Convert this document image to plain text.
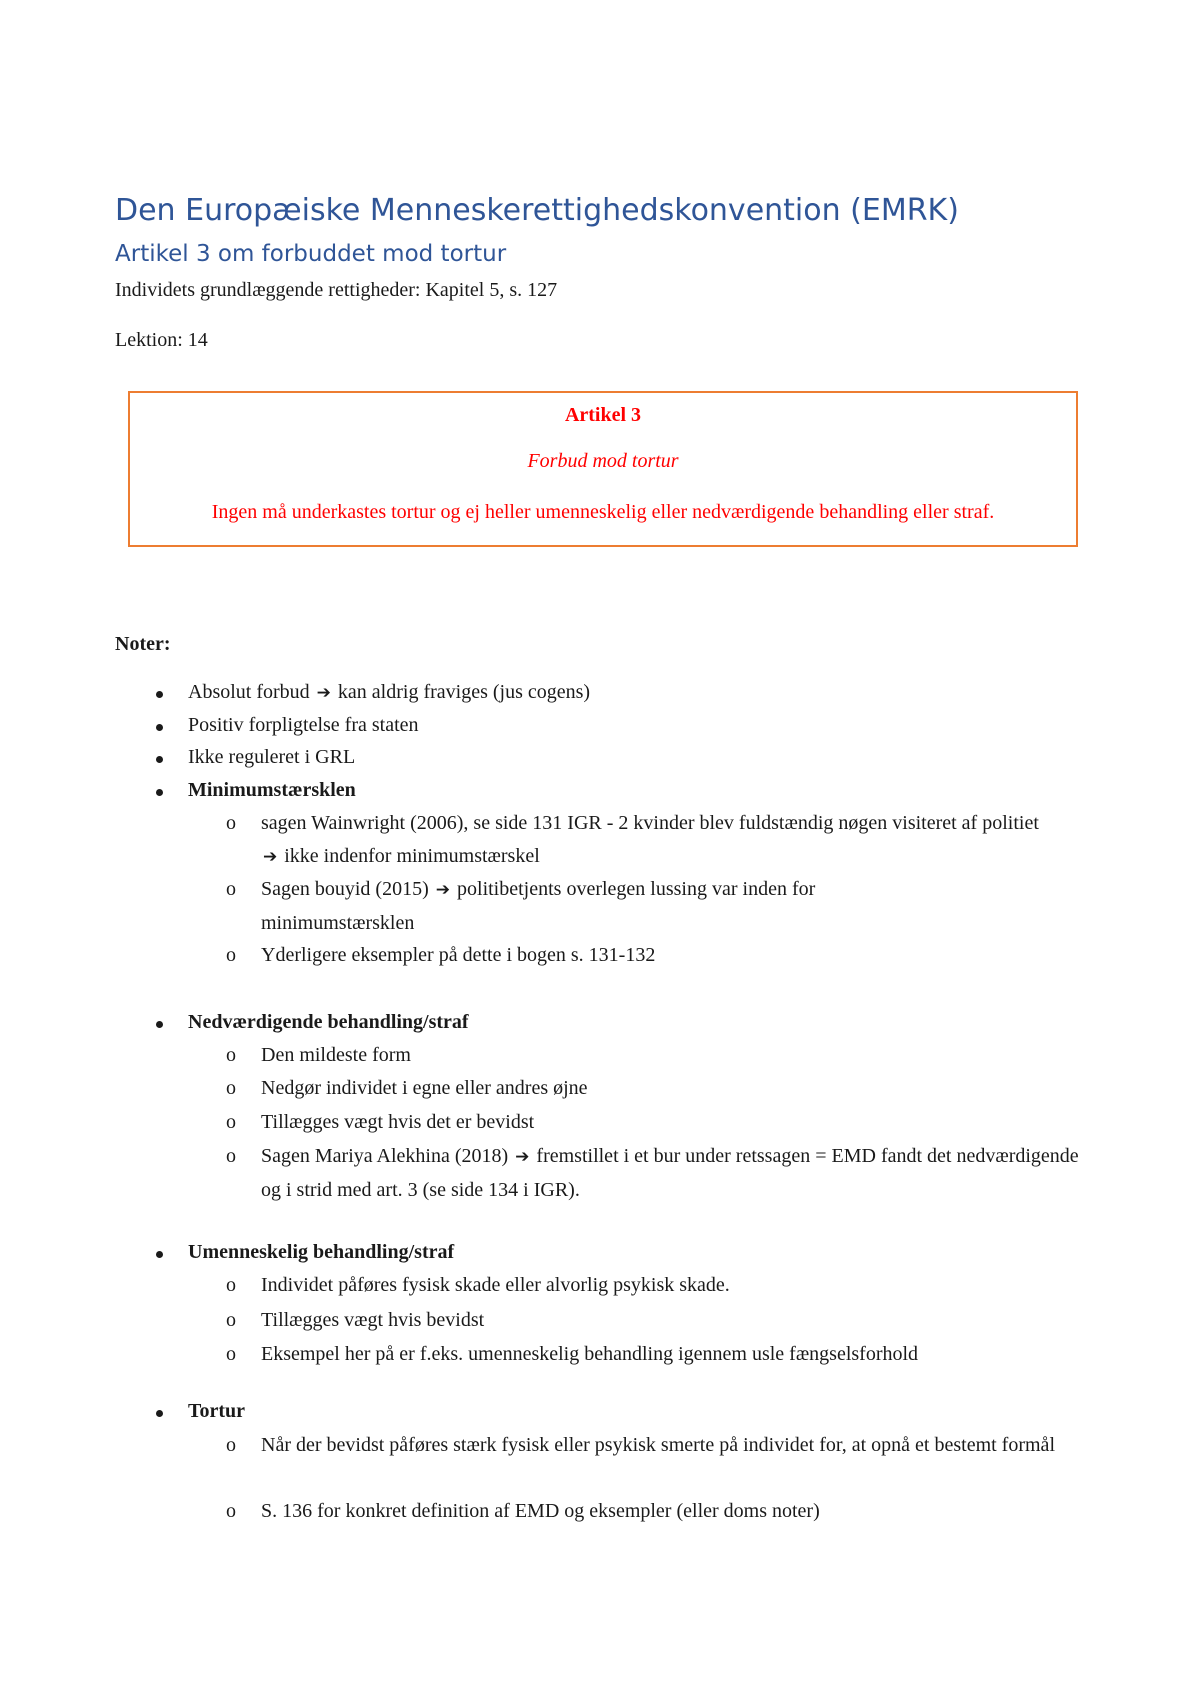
Den Europæiske Menneskerettighedskonvention (EMRK)
Artikel 3 om forbuddet mod tortur

Individets grundlæggende rettigheder: Kapitel 5, s. 127

Lektion: 14

Artikel 3
Forbud mod tortur
Ingen må underkastes tortur og ej heller umenneskelig eller nedværdigende behandling eller straf.

Noter:

Absolut forbud ➔ kan aldrig fraviges (jus cogens)
Positiv forpligtelse fra staten
Ikke reguleret i GRL
Minimumstærsklen
o sagen Wainwright (2006), se side 131 IGR - 2 kvinder blev fuldstændig nøgen visiteret af politiet ➔ ikke indenfor minimumstærskel
o Sagen bouyid (2015) ➔ politibetjents overlegen lussing var inden for minimumstærsklen
o Yderligere eksempler på dette i bogen s. 131-132
Nedværdigende behandling/straf
o Den mildeste form
o Nedgør individet i egne eller andres øjne
o Tillægges vægt hvis det er bevidst
o Sagen Mariya Alekhina (2018) ➔ fremstillet i et bur under retssagen = EMD fandt det nedværdigende og i strid med art. 3 (se side 134 i IGR).
Umenneskelig behandling/straf
o Individet påføres fysisk skade eller alvorlig psykisk skade.
o Tillægges vægt hvis bevidst
o Eksempel her på er f.eks. umenneskelig behandling igennem usle fængselsforhold
Tortur
o Når der bevidst påføres stærk fysisk eller psykisk smerte på individet for, at opnå et bestemt formål
o S. 136 for konkret definition af EMD og eksempler (eller doms noter)
